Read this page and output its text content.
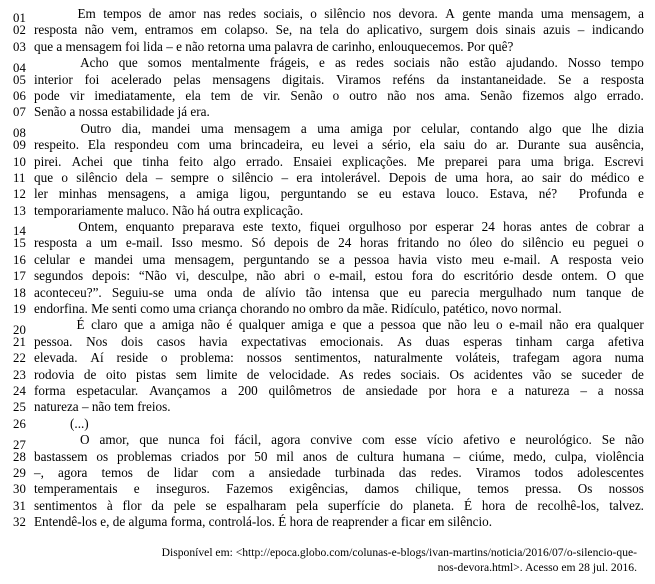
01	Em tempos de amor nas redes sociais, o silêncio nos devora. A gente manda uma mensagem, a
02 resposta não vem, entramos em colapso. Se, na tela do aplicativo, surgem dois sinais azuis – indicando
03 que a mensagem foi lida – e não retorna uma palavra de carinho, enlouquecemos. Por quê?
04	Acho que somos mentalmente frágeis, e as redes sociais não estão ajudando. Nosso tempo
05 interior foi acelerado pelas mensagens digitais. Viramos reféns da instantaneidade. Se a resposta
06 pode vir imediatamente, ela tem de vir. Senão o outro não nos ama. Senão fizemos algo errado.
07 Senão a nossa estabilidade já era.
08	Outro dia, mandei uma mensagem a uma amiga por celular, contando algo que lhe dizia
09 respeito. Ela respondeu com uma brincadeira, eu levei a sério, ela saiu do ar. Durante sua ausência,
10 pirei. Achei que tinha feito algo errado. Ensaiei explicações. Me preparei para uma briga. Escrevi
11 que o silêncio dela – sempre o silêncio – era intolerável. Depois de uma hora, ao sair do médico e
12 ler minhas mensagens, a amiga ligou, perguntando se eu estava louco. Estava, né? Profunda e
13 temporariamente maluco. Não há outra explicação.
14	Ontem, enquanto preparava este texto, fiquei orgulhoso por esperar 24 horas antes de cobrar a
15 resposta a um e-mail. Isso mesmo. Só depois de 24 horas fritando no óleo do silêncio eu peguei o
16 celular e mandei uma mensagem, perguntando se a pessoa havia visto meu e-mail. A resposta veio
17 segundos depois: “Não vi, desculpe, não abri o e-mail, estou fora do escritório desde ontem. O que
18 aconteceu?”. Seguiu-se uma onda de alívio tão intensa que eu parecia mergulhado num tanque de
19 endorfina. Me senti como uma criança chorando no ombro da mãe. Ridículo, patético, novo normal.
20	É claro que a amiga não é qualquer amiga e que a pessoa que não leu o e-mail não era qualquer
21 pessoa. Nos dois casos havia expectativas emocionais. As duas esperas tinham carga afetiva
22 elevada. Aí reside o problema: nossos sentimentos, naturalmente voláteis, trafegam agora numa
23 rodovia de oito pistas sem limite de velocidade. As redes sociais. Os acidentes vão se suceder de
24 forma espetacular. Avançamos a 200 quilômetros de ansiedade por hora e a natureza – a nossa
25 natureza – não tem freios.
26	(...)
27	O amor, que nunca foi fácil, agora convive com esse vício afetivo e neurológico. Se não
28 bastassem os problemas criados por 50 mil anos de cultura humana – ciúme, medo, culpa, violência
29 –, agora temos de lidar com a ansiedade turbinada das redes. Viramos todos adolescentes
30 temperamentais e inseguros. Fazemos exigências, damos chilique, temos pressa. Os nossos
31 sentimentos à flor da pele se espalharam pela superfície do planeta. É hora de recolhê-los, talvez.
32 Entendê-los e, de alguma forma, controlá-los. É hora de reaprender a ficar em silêncio.
Disponível em: <http://epoca.globo.com/colunas-e-blogs/ivan-martins/noticia/2016/07/o-silencio-que-
nos-devora.html>. Acesso em 28 jul. 2016.
